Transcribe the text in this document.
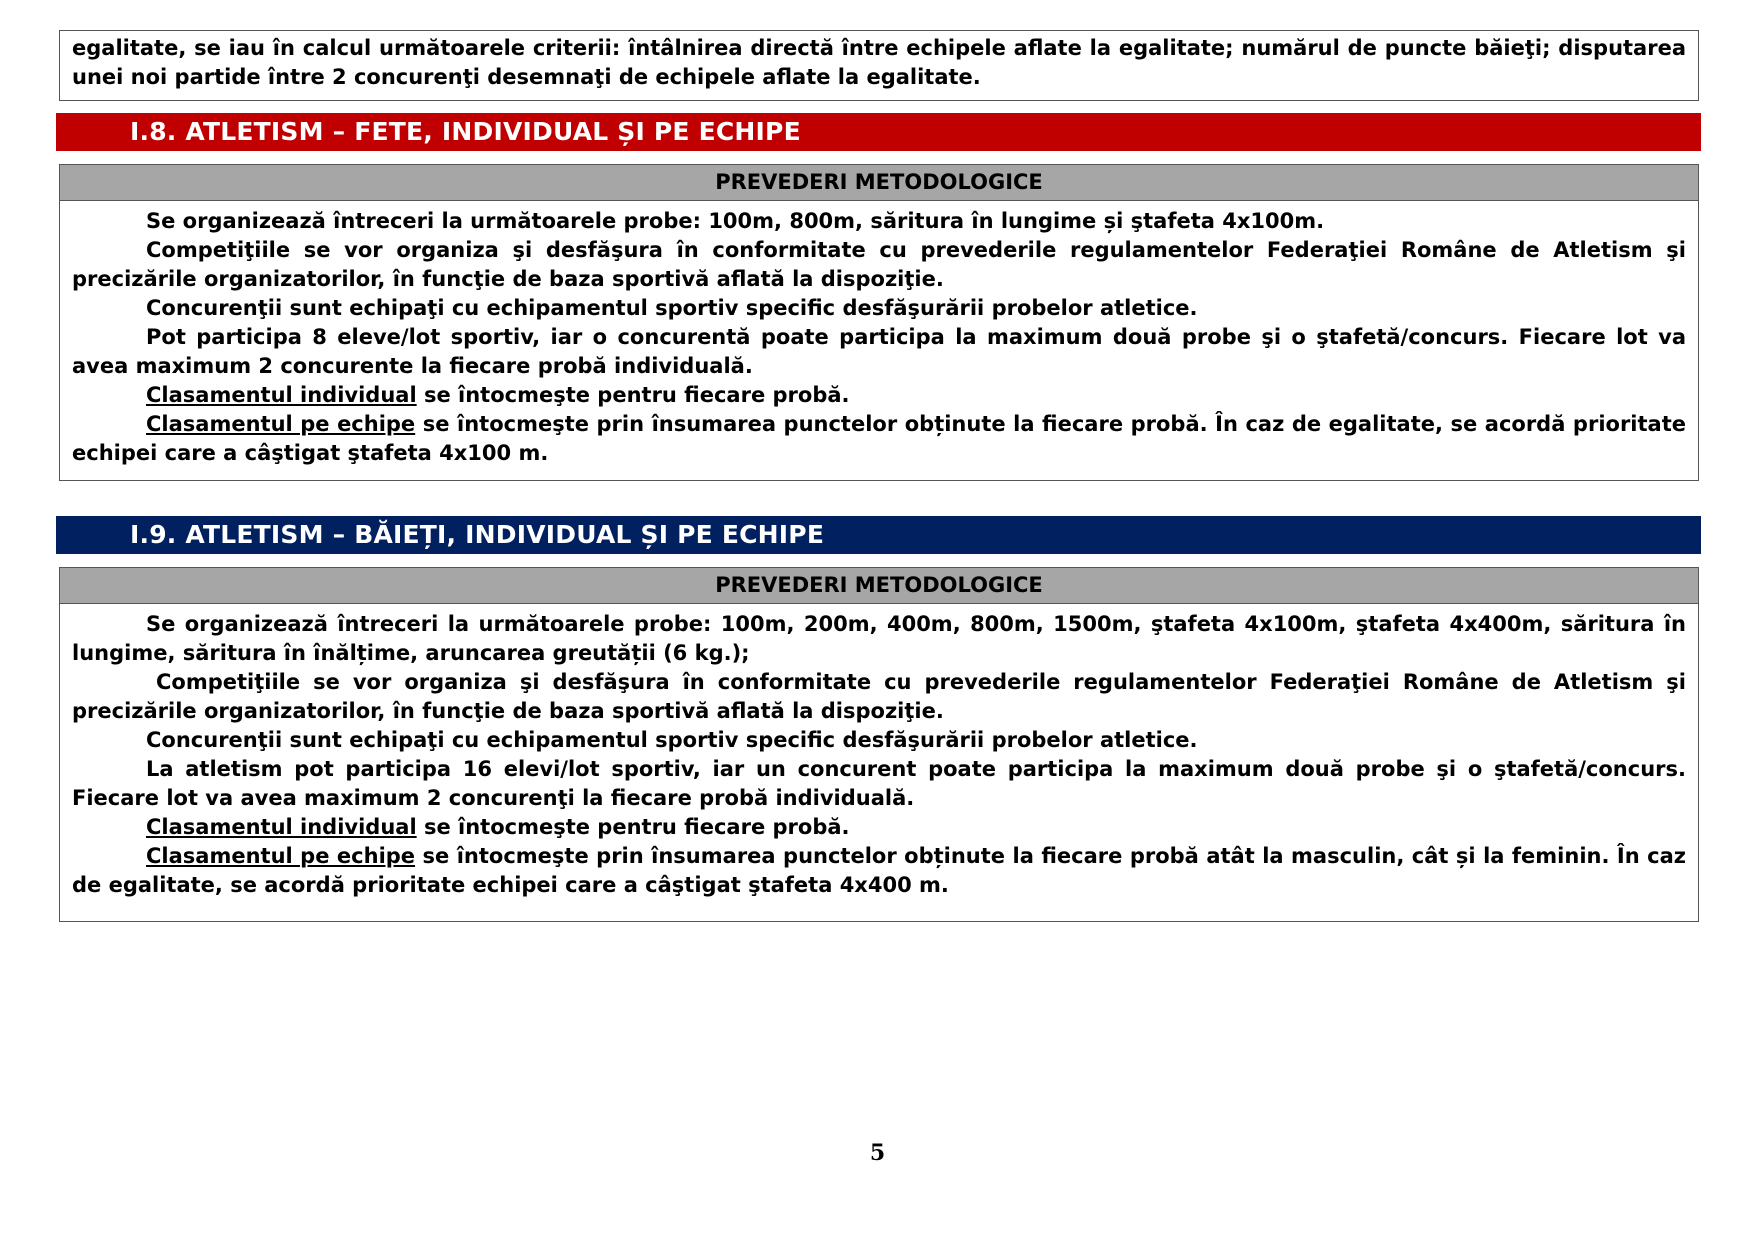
egalitate, se iau în calcul următoarele criterii: întâlnirea directă între echipele aflate la egalitate; numărul de puncte băieţi; disputarea unei noi partide între 2 concurenţi desemnaţi de echipele aflate la egalitate.

I.8. ATLETISM – FETE, INDIVIDUAL ȘI PE ECHIPE
PREVEDERI METODOLOGICE

Se organizează întreceri la următoarele probe: 100m, 800m, săritura în lungime și ştafeta 4x100m.

Competiţiile se vor organiza şi desfăşura în conformitate cu prevederile regulamentelor Federaţiei Române de Atletism şi precizările organizatorilor, în funcţie de baza sportivă aflată la dispoziţie.

Concurenţii sunt echipaţi cu echipamentul sportiv specific desfăşurării probelor atletice.

Pot participa 8 eleve/lot sportiv, iar o concurentă poate participa la maximum două probe şi o ştafetă/concurs. Fiecare lot va avea maximum 2 concurente la fiecare probă individuală.

Clasamentul individual se întocmeşte pentru fiecare probă.

Clasamentul pe echipe se întocmeşte prin însumarea punctelor obținute la fiecare probă. În caz de egalitate, se acordă prioritate echipei care a câştigat ştafeta 4x100 m.

I.9. ATLETISM – BĂIEȚI, INDIVIDUAL ȘI PE ECHIPE
PREVEDERI METODOLOGICE

Se organizează întreceri la următoarele probe: 100m, 200m, 400m, 800m, 1500m, ştafeta 4x100m, ştafeta 4x400m, săritura în lungime, săritura în înălțime, aruncarea greutății (6 kg.);

Competiţiile se vor organiza şi desfăşura în conformitate cu prevederile regulamentelor Federaţiei Române de Atletism şi precizările organizatorilor, în funcţie de baza sportivă aflată la dispoziţie.

Concurenţii sunt echipaţi cu echipamentul sportiv specific desfăşurării probelor atletice.

La atletism pot participa 16 elevi/lot sportiv, iar un concurent poate participa la maximum două probe şi o ştafetă/concurs. Fiecare lot va avea maximum 2 concurenţi la fiecare probă individuală.

Clasamentul individual se întocmeşte pentru fiecare probă.

Clasamentul pe echipe se întocmeşte prin însumarea punctelor obținute la fiecare probă atât la masculin, cât și la feminin. În caz de egalitate, se acordă prioritate echipei care a câştigat ştafeta 4x400 m.

5
